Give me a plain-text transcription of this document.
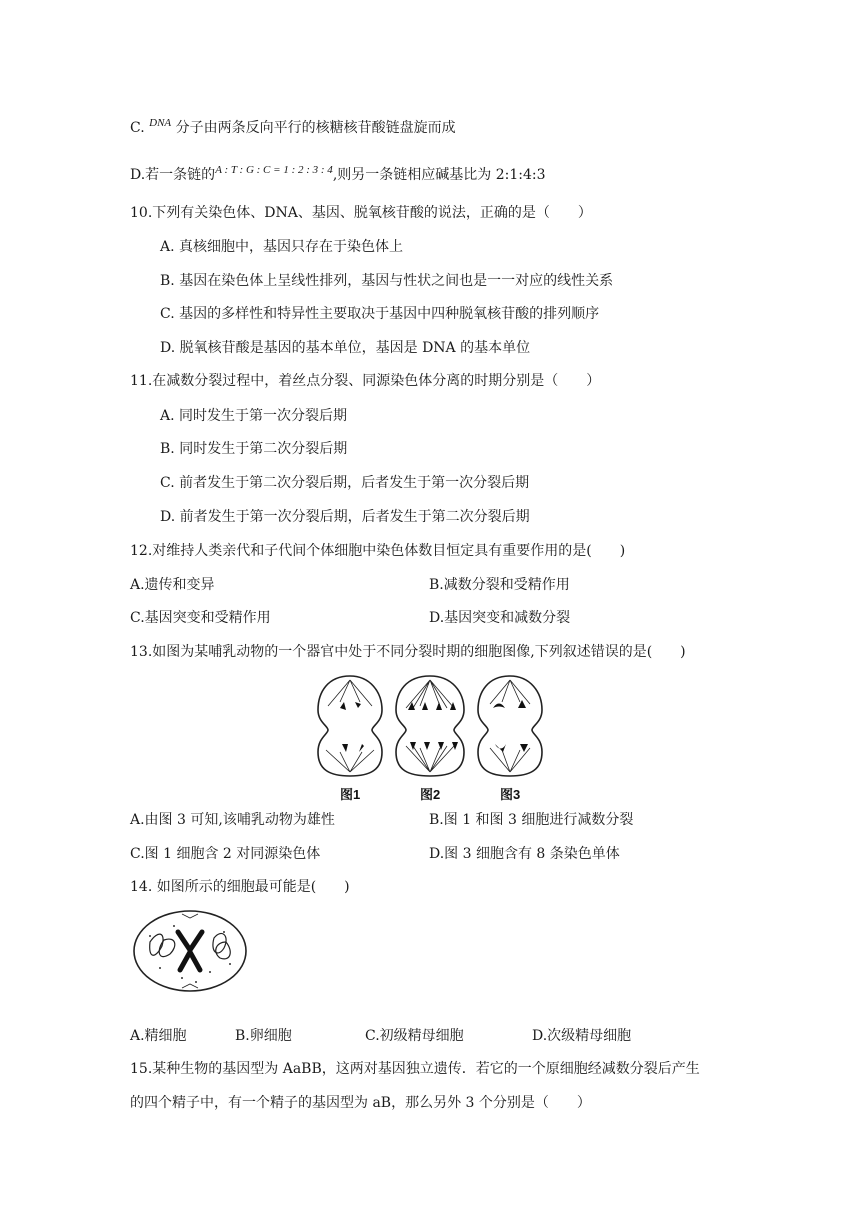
C. $^{DNA}$ 分子由两条反向平行的核糖核苷酸链盘旋而成
D.若一条链的$^{A : T : G : C = 1 : 2 : 3 : 4}$,则另一条链相应碱基比为 2:1:4:3
10.下列有关染色体、DNA、基因、脱氧核苷酸的说法，正确的是（　　）
A. 真核细胞中，基因只存在于染色体上
B. 基因在染色体上呈线性排列，基因与性状之间也是一一对应的线性关系
C. 基因的多样性和特异性主要取决于基因中四种脱氧核苷酸的排列顺序
D. 脱氧核苷酸是基因的基本单位，基因是 DNA 的基本单位
11.在减数分裂过程中，着丝点分裂、同源染色体分离的时期分别是（　　）
A. 同时发生于第一次分裂后期
B. 同时发生于第二次分裂后期
C. 前者发生于第二次分裂后期，后者发生于第一次分裂后期
D. 前者发生于第一次分裂后期，后者发生于第二次分裂后期
12.对维持人类亲代和子代间个体细胞中染色体数目恒定具有重要作用的是(　　)
A.遗传和变异	B.减数分裂和受精作用
C.基因突变和受精作用	D.基因突变和减数分裂
13.如图为某哺乳动物的一个器官中处于不同分裂时期的细胞图像,下列叙述错误的是(　　)
图1	图2	图3
A.由图 3 可知,该哺乳动物为雄性	B.图 1 和图 3 细胞进行减数分裂
C.图 1 细胞含 2 对同源染色体	D.图 3 细胞含有 8 条染色单体
14. 如图所示的细胞最可能是(　　)
A.精细胞	B.卵细胞	C.初级精母细胞	D.次级精母细胞
15.某种生物的基因型为 AaBB，这两对基因独立遗传．若它的一个原细胞经减数分裂后产生
的四个精子中，有一个精子的基因型为 aB，那么另外 3 个分别是（　　）
